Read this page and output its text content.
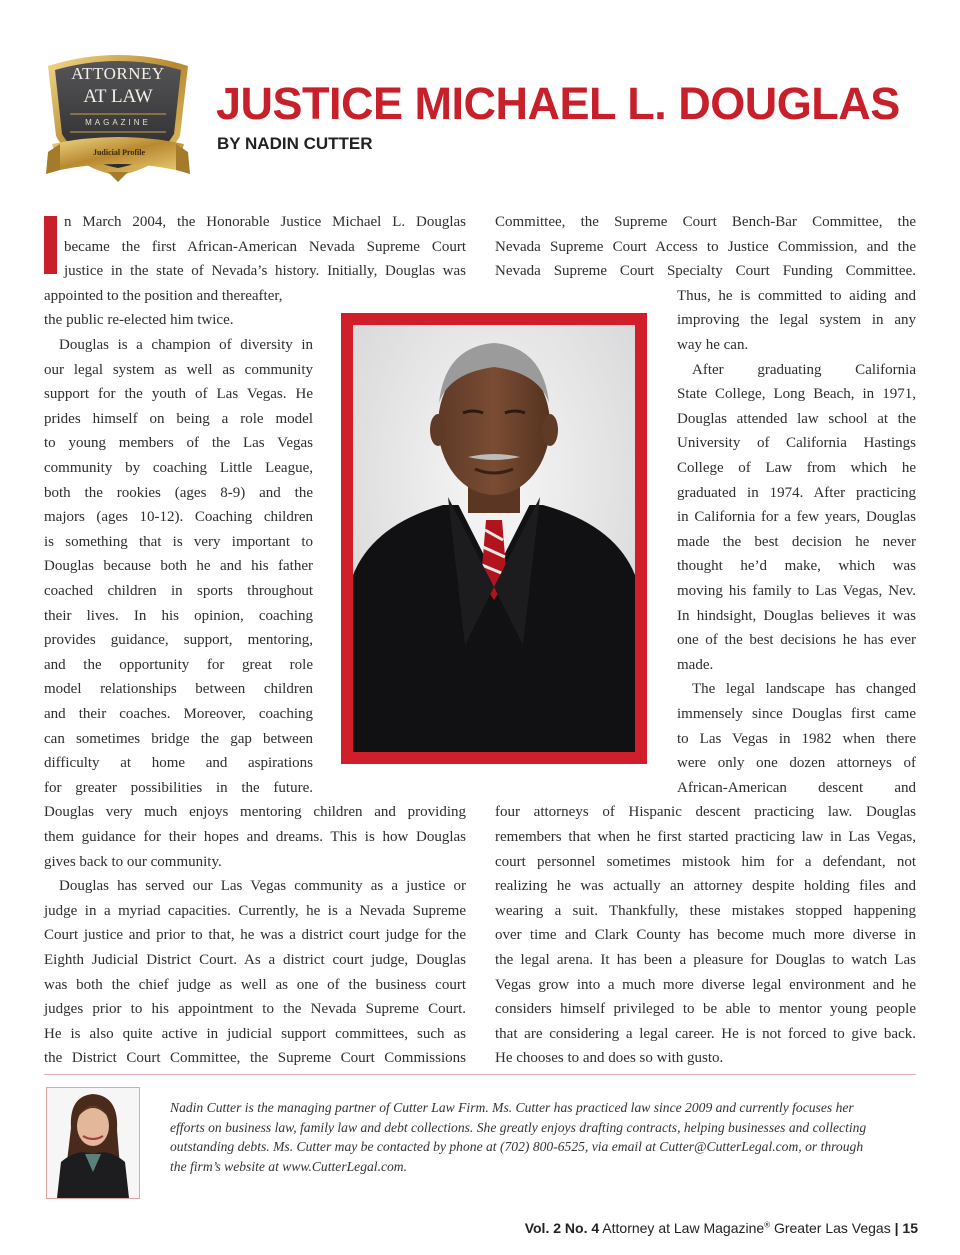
ATTORNEY
AT LAW
MAGAZINE
Judicial Profile
JUSTICE MICHAEL L. DOUGLAS
BY NADIN CUTTER
n March 2004, the Honorable Justice Michael L. Douglas
became the first African-American Nevada Supreme Court
justice in the state of Nevada’s history. Initially, Douglas was
appointed to the position and thereafter,
the public re-elected him twice.
Douglas is a champion of diversity in
our legal system as well as community
support for the youth of Las Vegas. He
prides himself on being a role model
to young members of the Las Vegas
community by coaching Little League,
both the rookies (ages 8-9) and the
majors (ages 10-12). Coaching children
is something that is very important to
Douglas because both he and his father
coached children in sports throughout
their lives. In his opinion, coaching
provides guidance, support, mentoring,
and the opportunity for great role
model relationships between children
and their coaches. Moreover, coaching
can sometimes bridge the gap between
difficulty at home and aspirations
for greater possibilities in the future.
Douglas very much enjoys mentoring children and providing
them guidance for their hopes and dreams. This is how Douglas
gives back to our community.
Douglas has served our Las Vegas community as a justice or
judge in a myriad capacities. Currently, he is a Nevada Supreme
Court justice and prior to that, he was a district court judge for the
Eighth Judicial District Court. As a district court judge, Douglas
was both the chief judge as well as one of the business court
judges prior to his appointment to the Nevada Supreme Court.
He is also quite active in judicial support committees, such as
the District Court Committee, the Supreme Court Commissions
Committee, the Supreme Court Bench-Bar Committee, the
Nevada Supreme Court Access to Justice Commission, and the
Nevada Supreme Court Specialty Court Funding Committee.
Thus, he is committed to aiding and
improving the legal system in any
way he can.
After graduating California
State College, Long Beach, in 1971,
Douglas attended law school at the
University of California Hastings
College of Law from which he
graduated in 1974. After practicing
in California for a few years, Douglas
made the best decision he never
thought he’d make, which was
moving his family to Las Vegas, Nev.
In hindsight, Douglas believes it was
one of the best decisions he has ever
made.
The legal landscape has changed
immensely since Douglas first came
to Las Vegas in 1982 when there
were only one dozen attorneys of
African-American descent and
four attorneys of Hispanic descent practicing law. Douglas
remembers that when he first started practicing law in Las Vegas,
court personnel sometimes mistook him for a defendant, not
realizing he was actually an attorney despite holding files and
wearing a suit. Thankfully, these mistakes stopped happening
over time and Clark County has become much more diverse in
the legal arena. It has been a pleasure for Douglas to watch Las
Vegas grow into a much more diverse legal environment and he
considers himself privileged to be able to mentor young people
that are considering a legal career. He is not forced to give back.
He chooses to and does so with gusto.
Nadin Cutter is the managing partner of Cutter Law Firm. Ms. Cutter has practiced law since 2009 and currently focuses her
efforts on business law, family law and debt collections. She greatly enjoys drafting contracts, helping businesses and collecting
outstanding debts. Ms. Cutter may be contacted by phone at (702) 800-6525, via email at Cutter@CutterLegal.com, or through
the firm’s website at www.CutterLegal.com.
Vol. 2 No. 4 Attorney at Law Magazine® Greater Las Vegas | 15
